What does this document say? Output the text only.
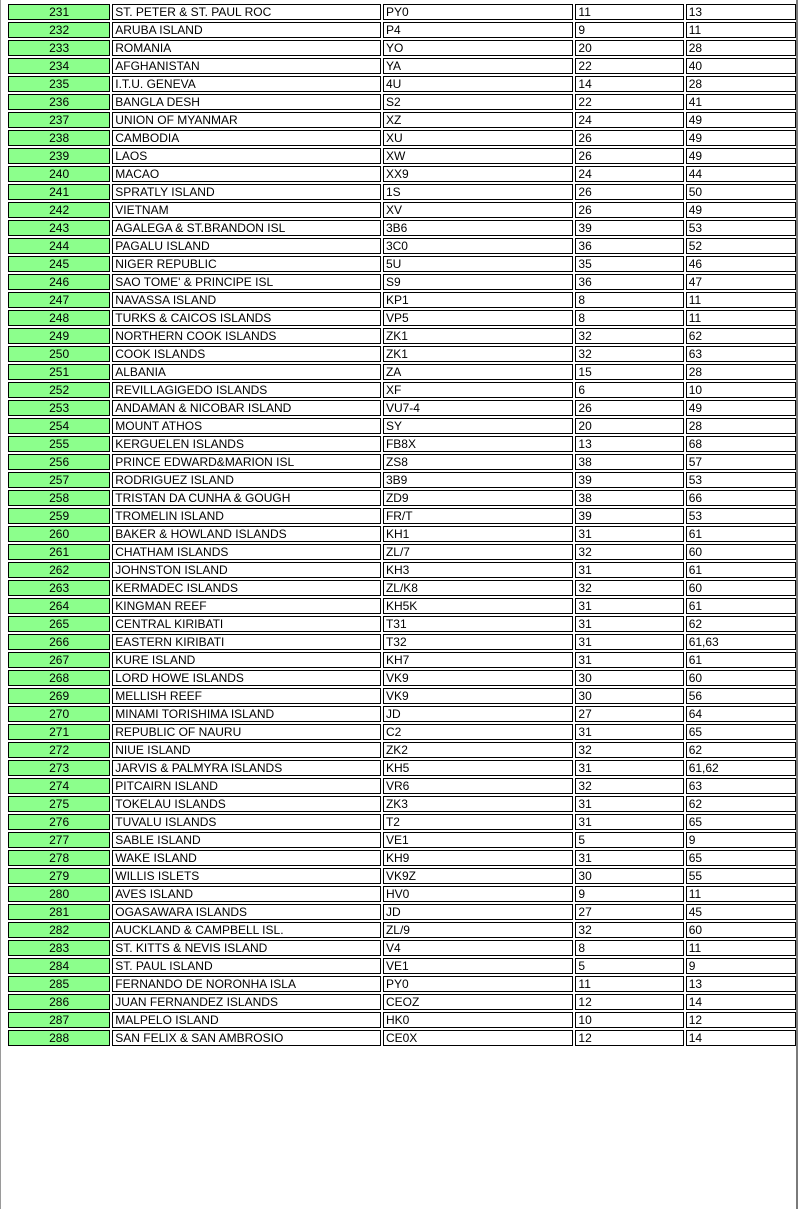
231	ST. PETER & ST. PAUL ROC	PY0	11	13
232	ARUBA ISLAND	P4	9	11
233	ROMANIA	YO	20	28
234	AFGHANISTAN	YA	22	40
235	I.T.U. GENEVA	4U	14	28
236	BANGLA DESH	S2	22	41
237	UNION OF MYANMAR	XZ	24	49
238	CAMBODIA	XU	26	49
239	LAOS	XW	26	49
240	MACAO	XX9	24	44
241	SPRATLY ISLAND	1S	26	50
242	VIETNAM	XV	26	49
243	AGALEGA & ST.BRANDON ISL	3B6	39	53
244	PAGALU ISLAND	3C0	36	52
245	NIGER REPUBLIC	5U	35	46
246	SAO TOME' & PRINCIPE ISL	S9	36	47
247	NAVASSA ISLAND	KP1	8	11
248	TURKS & CAICOS ISLANDS	VP5	8	11
249	NORTHERN COOK ISLANDS	ZK1	32	62
250	COOK ISLANDS	ZK1	32	63
251	ALBANIA	ZA	15	28
252	REVILLAGIGEDO ISLANDS	XF	6	10
253	ANDAMAN & NICOBAR ISLAND	VU7-4	26	49
254	MOUNT ATHOS	SY	20	28
255	KERGUELEN ISLANDS	FB8X	13	68
256	PRINCE EDWARD&MARION ISL	ZS8	38	57
257	RODRIGUEZ ISLAND	3B9	39	53
258	TRISTAN DA CUNHA & GOUGH	ZD9	38	66
259	TROMELIN ISLAND	FR/T	39	53
260	BAKER & HOWLAND ISLANDS	KH1	31	61
261	CHATHAM ISLANDS	ZL/7	32	60
262	JOHNSTON ISLAND	KH3	31	61
263	KERMADEC ISLANDS	ZL/K8	32	60
264	KINGMAN REEF	KH5K	31	61
265	CENTRAL KIRIBATI	T31	31	62
266	EASTERN KIRIBATI	T32	31	61,63
267	KURE ISLAND	KH7	31	61
268	LORD HOWE ISLANDS	VK9	30	60
269	MELLISH REEF	VK9	30	56
270	MINAMI TORISHIMA ISLAND	JD	27	64
271	REPUBLIC OF NAURU	C2	31	65
272	NIUE ISLAND	ZK2	32	62
273	JARVIS & PALMYRA ISLANDS	KH5	31	61,62
274	PITCAIRN ISLAND	VR6	32	63
275	TOKELAU ISLANDS	ZK3	31	62
276	TUVALU ISLANDS	T2	31	65
277	SABLE ISLAND	VE1	5	9
278	WAKE ISLAND	KH9	31	65
279	WILLIS ISLETS	VK9Z	30	55
280	AVES ISLAND	HV0	9	11
281	OGASAWARA ISLANDS	JD	27	45
282	AUCKLAND & CAMPBELL ISL.	ZL/9	32	60
283	ST. KITTS & NEVIS ISLAND	V4	8	11
284	ST. PAUL ISLAND	VE1	5	9
285	FERNANDO DE NORONHA ISLA	PY0	11	13
286	JUAN FERNANDEZ ISLANDS	CEOZ	12	14
287	MALPELO ISLAND	HK0	10	12
288	SAN FELIX & SAN AMBROSIO	CE0X	12	14
